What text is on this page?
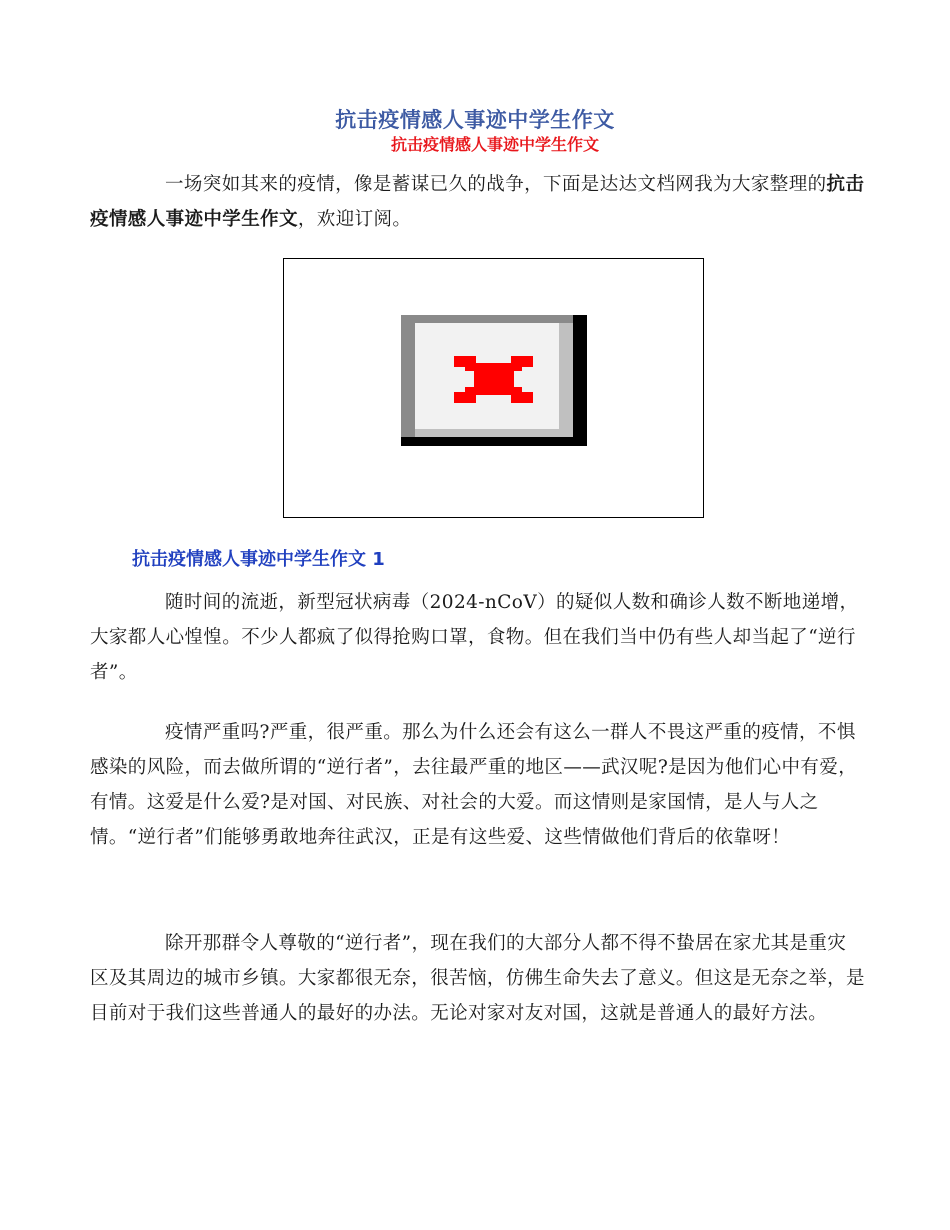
抗击疫情感人事迹中学生作文
抗击疫情感人事迹中学生作文

一场突如其来的疫情，像是蓄谋已久的战争，下面是达达文档网我为大家整理的抗击疫情感人事迹中学生作文，欢迎订阅。

抗击疫情感人事迹中学生作文 1

随时间的流逝，新型冠状病毒（2024-nCoV）的疑似人数和确诊人数不断地递增，大家都人心惶惶。不少人都疯了似得抢购口罩，食物。但在我们当中仍有些人却当起了“逆行者”。

疫情严重吗?严重，很严重。那么为什么还会有这么一群人不畏这严重的疫情，不惧感染的风险，而去做所谓的“逆行者”，去往最严重的地区——武汉呢?是因为他们心中有爱，有情。这爱是什么爱?是对国、对民族、对社会的大爱。而这情则是家国情，是人与人之情。“逆行者”们能够勇敢地奔往武汉，正是有这些爱、这些情做他们背后的依靠呀！

除开那群令人尊敬的“逆行者”，现在我们的大部分人都不得不蛰居在家尤其是重灾区及其周边的城市乡镇。大家都很无奈，很苦恼，仿佛生命失去了意义。但这是无奈之举，是目前对于我们这些普通人的最好的办法。无论对家对友对国，这就是普通人的最好方法。
